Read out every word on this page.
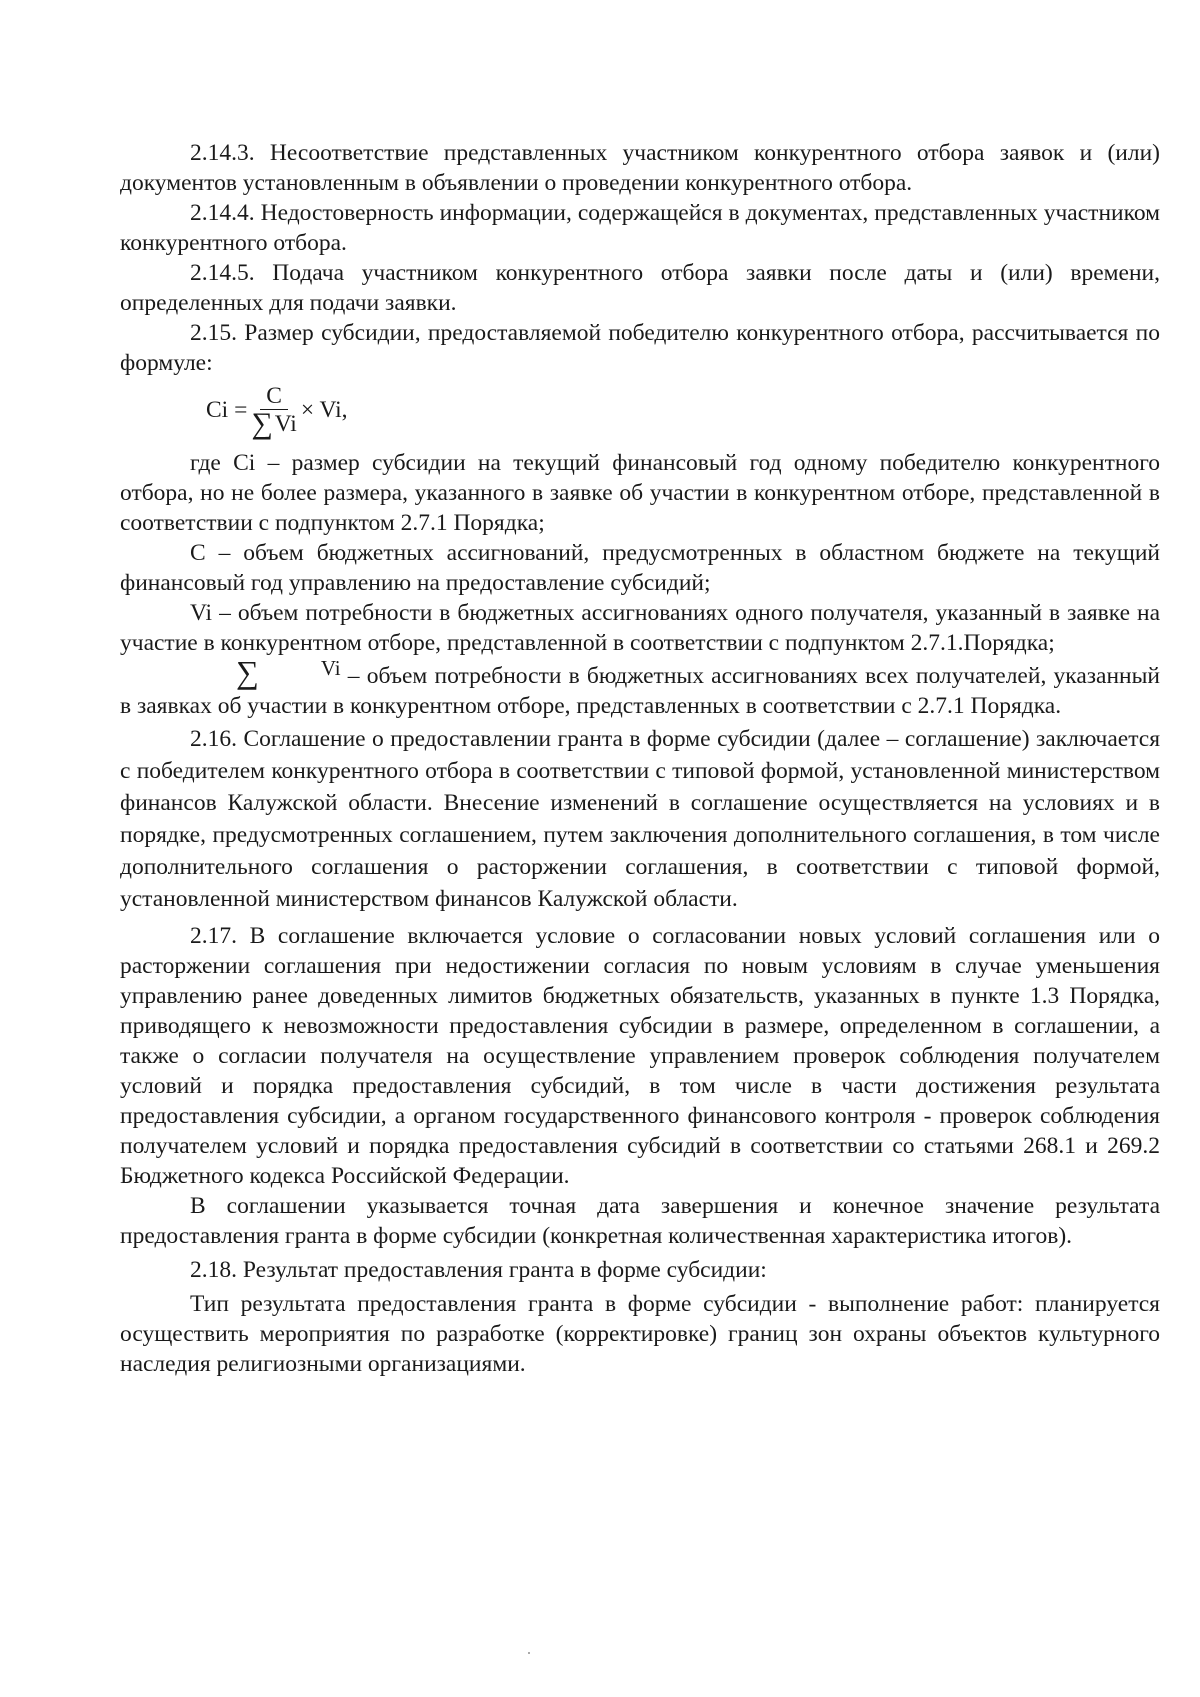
2.14.3. Несоответствие представленных участником конкурентного отбора заявок и (или) документов установленным в объявлении о проведении конкурентного отбора.

2.14.4. Недостоверность информации, содержащейся в документах, представленных участником конкурентного отбора.

2.14.5. Подача участником конкурентного отбора заявки после даты и (или) времени, определенных для подачи заявки.

2.15. Размер субсидии, предоставляемой победителю конкурентного отбора, рассчитывается по формуле:

$Ci = \frac{C}{\sum Vi} \times Vi$,

где Ci – размер субсидии на текущий финансовый год одному победителю конкурентного отбора, но не более размера, указанного в заявке об участии в конкурентном отборе, представленной в соответствии с подпунктом 2.7.1 Порядка;

C – объем бюджетных ассигнований, предусмотренных в областном бюджете на текущий финансовый год управлению на предоставление субсидий;

Vi – объем потребности в бюджетных ассигнованиях одного получателя, указанный в заявке на участие в конкурентном отборе, представленной в соответствии с подпунктом 2.7.1.Порядка;

∑	Vi – объем потребности в бюджетных ассигнованиях всех получателей, указанный в заявках об участии в конкурентном отборе, представленных в соответствии с 2.7.1 Порядка.

2.16. Соглашение о предоставлении гранта в форме субсидии (далее – соглашение) заключается с победителем конкурентного отбора в соответствии с типовой формой, установленной министерством финансов Калужской области. Внесение изменений в соглашение осуществляется на условиях и в порядке, предусмотренных соглашением, путем заключения дополнительного соглашения, в том числе дополнительного соглашения о расторжении соглашения, в соответствии с типовой формой, установленной министерством финансов Калужской области.

2.17. В соглашение включается условие о согласовании новых условий соглашения или о расторжении соглашения при недостижении согласия по новым условиям в случае уменьшения управлению ранее доведенных лимитов бюджетных обязательств, указанных в пункте 1.3 Порядка, приводящего к невозможности предоставления субсидии в размере, определенном в соглашении, а также о согласии получателя на осуществление управлением проверок соблюдения получателем условий и порядка предоставления субсидий, в том числе в части достижения результата предоставления субсидии, а органом государственного финансового контроля - проверок соблюдения получателем условий и порядка предоставления субсидий в соответствии со статьями 268.1 и 269.2 Бюджетного кодекса Российской Федерации.

В соглашении указывается точная дата завершения и конечное значение результата предоставления гранта в форме субсидии (конкретная количественная характеристика итогов).

2.18. Результат предоставления гранта в форме субсидии:

Тип результата предоставления гранта в форме субсидии - выполнение работ: планируется осуществить мероприятия по разработке (корректировке) границ зон охраны объектов культурного наследия религиозными организациями.
